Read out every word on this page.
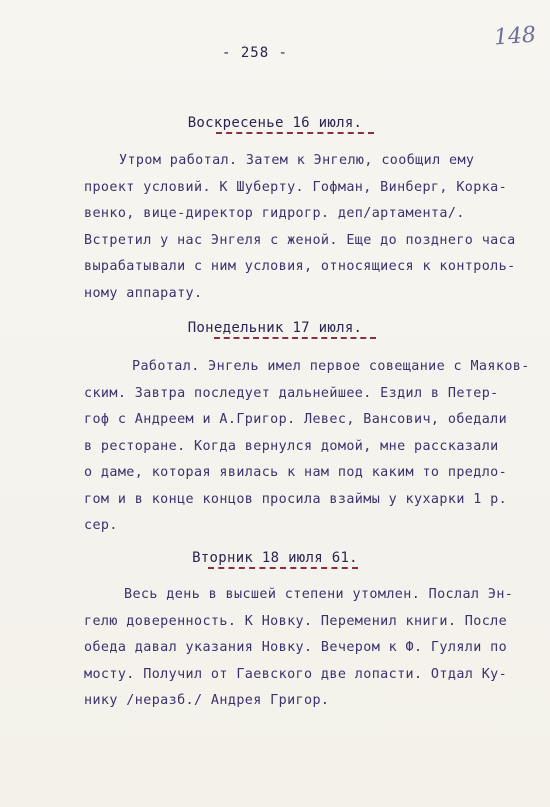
148
- 258 -
Воскресенье 16 июля.
Утром работал. Затем к Энгелю, сообщил ему
проект условий. К Шуберту. Гофман, Винберг, Корка-
венко, вице-директор гидрогр. деп/артамента/.
Встретил у нас Энгеля с женой. Еще до позднего часа
вырабатывали с ним условия, относящиеся к контроль-
ному аппарату.
Понедельник 17 июля.
Работал. Энгель имел первое совещание с Маяков-
ским. Завтра последует дальнейшее. Ездил в Петер-
гоф с Андреем и А.Григор. Левес, Вансович, обедали
в ресторане. Когда вернулся домой, мне рассказали
о даме, которая явилась к нам под каким то предло-
гом и в конце концов просила взаймы у кухарки 1 р.
сер.
Вторник 18 июля 61.
Весь день в высшей степени утомлен. Послал Эн-
гелю доверенность. К Новку. Переменил книги. После
обеда давал указания Новку. Вечером к Ф. Гуляли по
мосту. Получил от Гаевского две лопасти. Отдал Ку-
нику /неразб./ Андрея Григор.
